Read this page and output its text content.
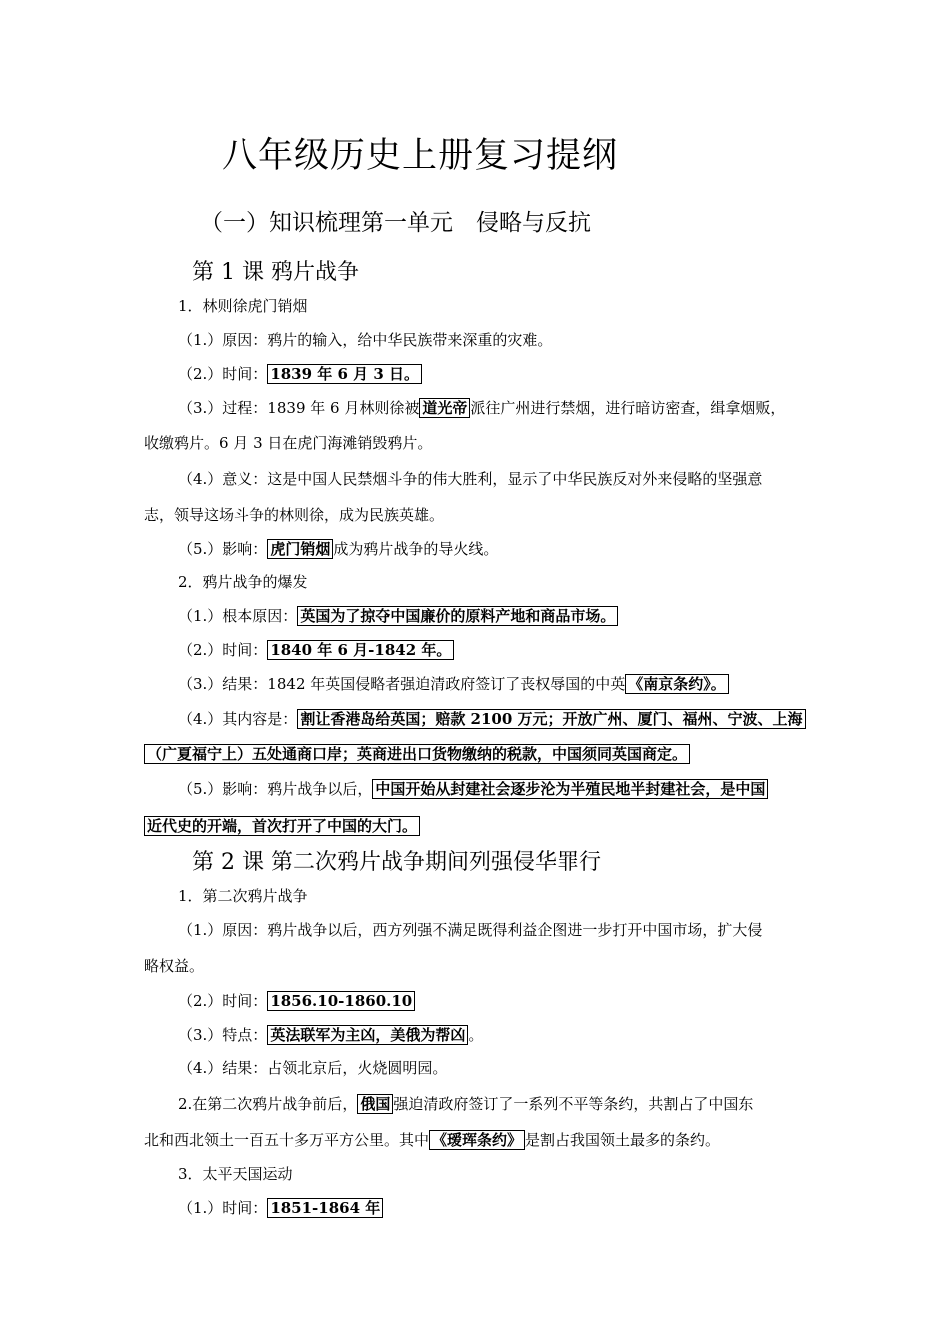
八年级历史上册复习提纲
（一）知识梳理第一单元　侵略与反抗
第 1 课 鸦片战争
1．林则徐虎门销烟
（1.）原因：鸦片的输入，给中华民族带来深重的灾难。
（2.）时间： 1839 年 6 月 3 日。
（3.）过程：1839 年 6 月林则徐被 道光帝 派往广州进行禁烟，进行暗访密查，缉拿烟贩，
收缴鸦片。6 月 3 日在虎门海滩销毁鸦片。
（4.）意义：这是中国人民禁烟斗争的伟大胜利，显示了中华民族反对外来侵略的坚强意
志，领导这场斗争的林则徐，成为民族英雄。
（5.）影响： 虎门销烟 成为鸦片战争的导火线。
2．鸦片战争的爆发
（1.）根本原因： 英国为了掠夺中国廉价的原料产地和商品市场。
（2.）时间： 1840 年 6 月-1842 年。
（3.）结果：1842 年英国侵略者强迫清政府签订了丧权辱国的中英 《南京条约》。
（4.）其内容是： 割让香港岛给英国；赔款 2100 万元；开放广州、厦门、福州、宁波、上海
（广夏福宁上）五处通商口岸；英商进出口货物缴纳的税款，中国须同英国商定。
（5.）影响：鸦片战争以后， 中国开始从封建社会逐步沦为半殖民地半封建社会，是中国
近代史的开端，首次打开了中国的大门。
第 2 课 第二次鸦片战争期间列强侵华罪行
1．第二次鸦片战争
（1.）原因：鸦片战争以后，西方列强不满足既得利益企图进一步打开中国市场，扩大侵
略权益。
（2.）时间： 1856.10-1860.10
（3.）特点： 英法联军为主凶，美俄为帮凶 。
（4.）结果：占领北京后，火烧圆明园。
2.在第二次鸦片战争前后， 俄国 强迫清政府签订了一系列不平等条约，共割占了中国东
北和西北领土一百五十多万平方公里。其中 《瑷珲条约》 是割占我国领土最多的条约。
3．太平天国运动
（1.）时间： 1851-1864 年
